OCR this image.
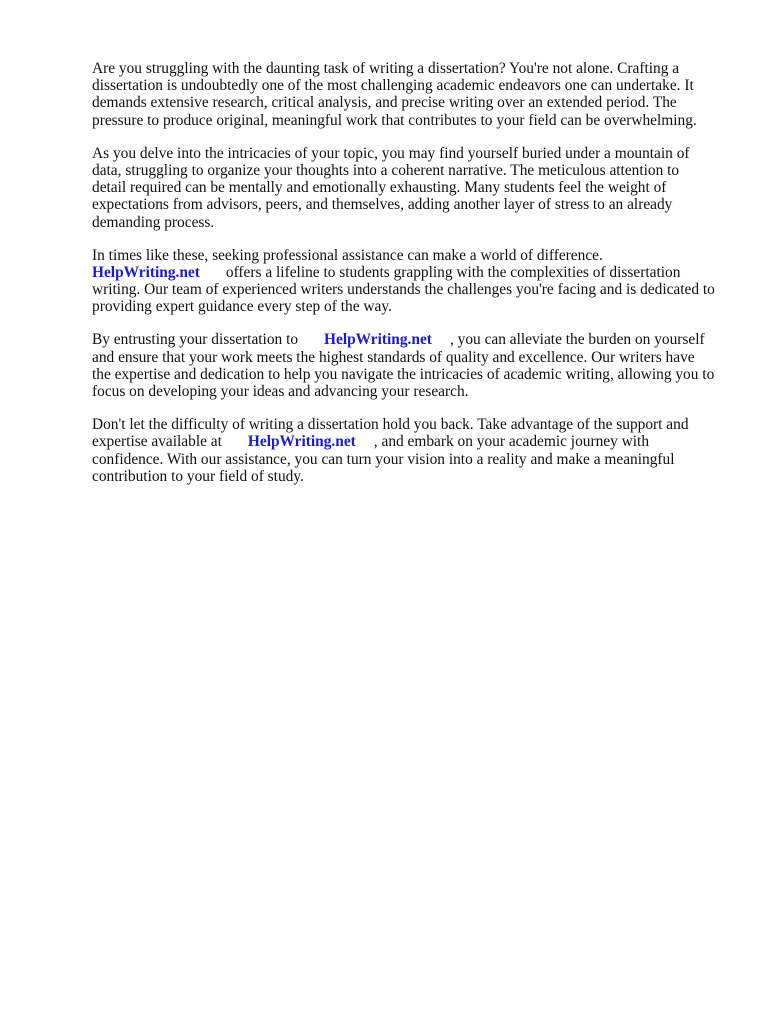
Are you struggling with the daunting task of writing a dissertation? You're not alone. Crafting a
dissertation is undoubtedly one of the most challenging academic endeavors one can undertake. It
demands extensive research, critical analysis, and precise writing over an extended period. The
pressure to produce original, meaningful work that contributes to your field can be overwhelming.
As you delve into the intricacies of your topic, you may find yourself buried under a mountain of
data, struggling to organize your thoughts into a coherent narrative. The meticulous attention to
detail required can be mentally and emotionally exhausting. Many students feel the weight of
expectations from advisors, peers, and themselves, adding another layer of stress to an already
demanding process.
In times like these, seeking professional assistance can make a world of difference.
HelpWriting.net offers a lifeline to students grappling with the complexities of dissertation
writing. Our team of experienced writers understands the challenges you're facing and is dedicated to
providing expert guidance every step of the way.
By entrusting your dissertation to HelpWriting.net , you can alleviate the burden on yourself
and ensure that your work meets the highest standards of quality and excellence. Our writers have
the expertise and dedication to help you navigate the intricacies of academic writing, allowing you to
focus on developing your ideas and advancing your research.
Don't let the difficulty of writing a dissertation hold you back. Take advantage of the support and
expertise available at HelpWriting.net , and embark on your academic journey with
confidence. With our assistance, you can turn your vision into a reality and make a meaningful
contribution to your field of study.
